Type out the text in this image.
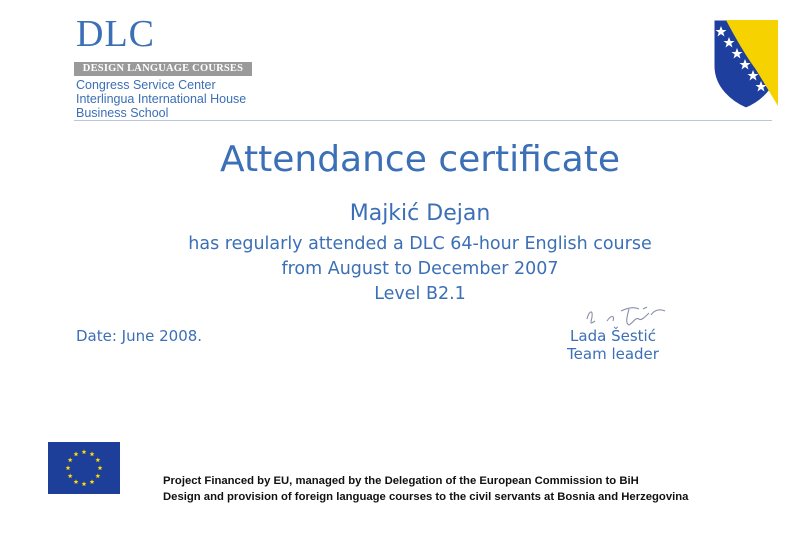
DLC
DESIGN LANGUAGE COURSES
Congress Service Center
Interlingua International House
Business School
Attendance certificate
Majkić Dejan
has regularly attended a DLC 64-hour English course
from August to December 2007
Level B2.1
Date: June 2008.	Lada Šestić
Team leader
Project Financed by EU, managed by the Delegation of the European Commission to BiH
Design and provision of foreign language courses to the civil servants at Bosnia and Herzegovina
